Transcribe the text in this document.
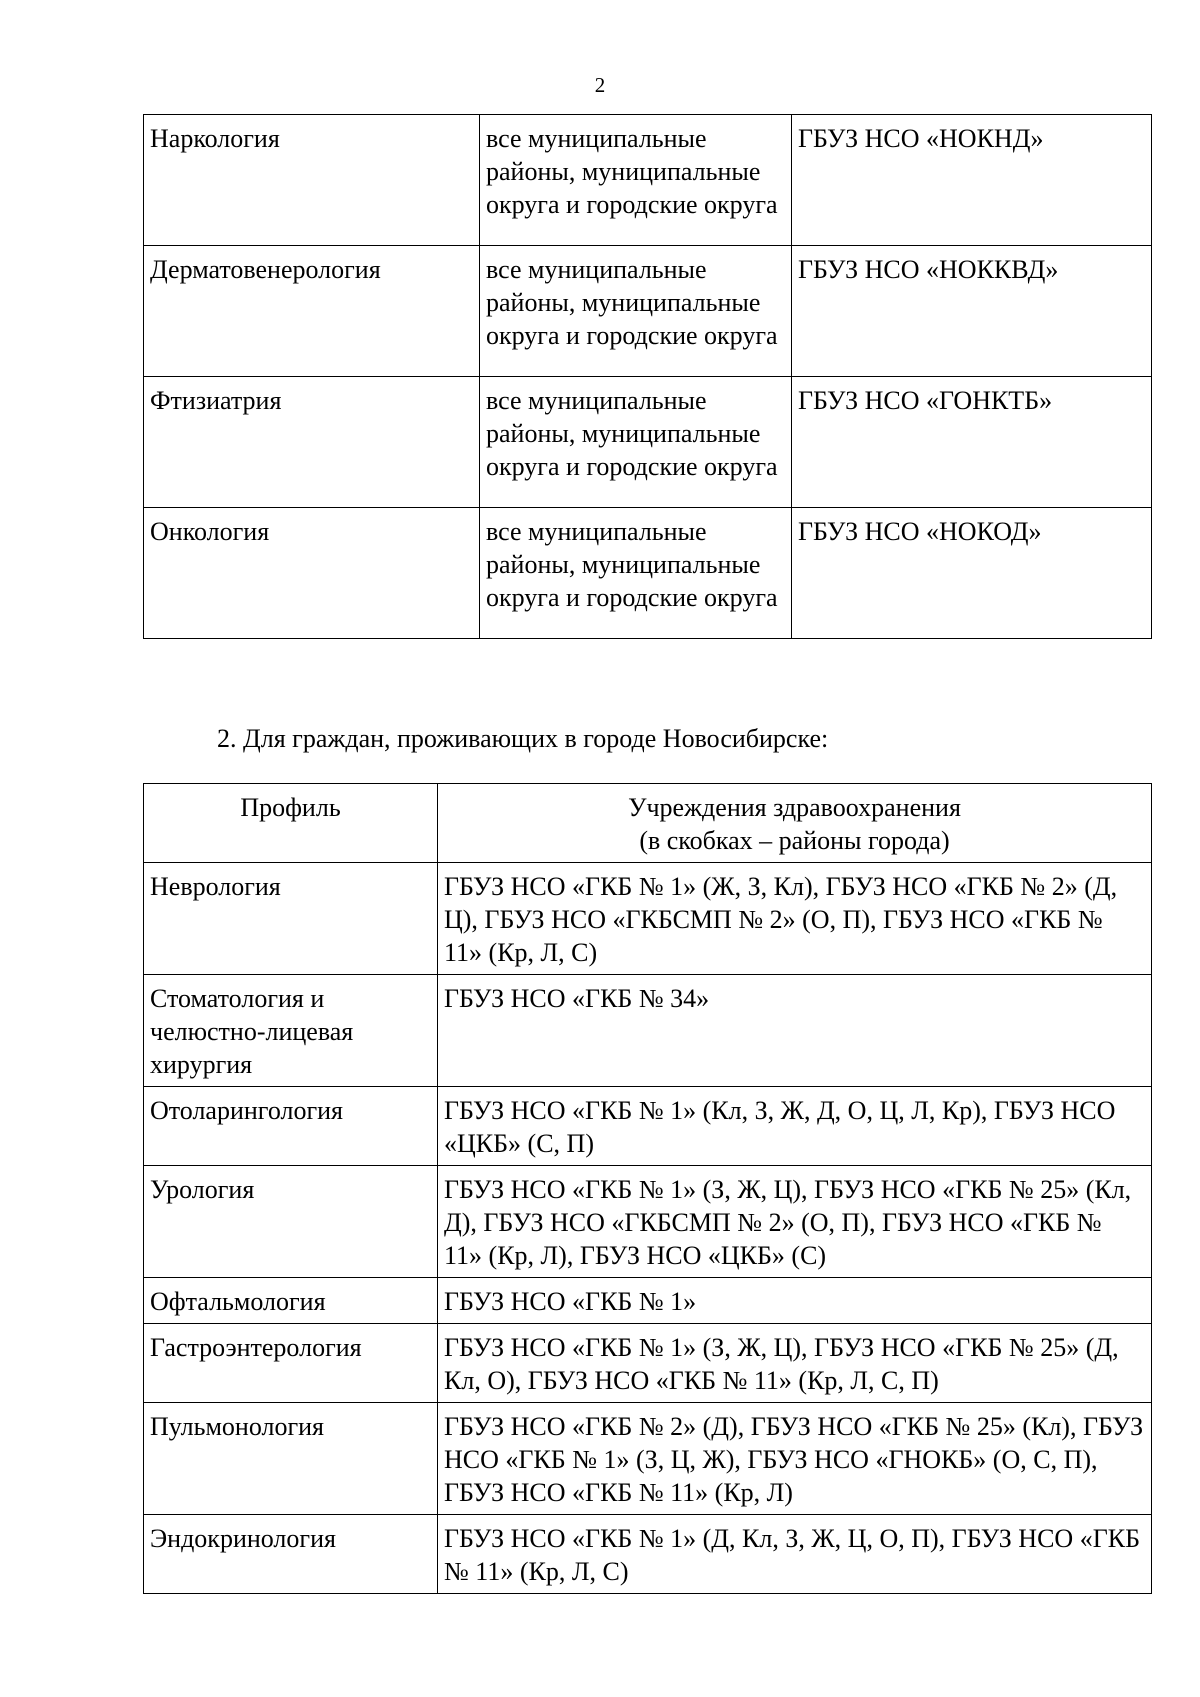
2
Наркология	все муниципальные районы, муниципальные округа и городские округа	ГБУЗ НСО «НОКНД»
Дерматовенерология	все муниципальные районы, муниципальные округа и городские округа	ГБУЗ НСО «НОККВД»
Фтизиатрия	все муниципальные районы, муниципальные округа и городские округа	ГБУЗ НСО «ГОНКТБ»
Онкология	все муниципальные районы, муниципальные округа и городские округа	ГБУЗ НСО «НОКОД»
2. Для граждан, проживающих в городе Новосибирске:
Профиль	Учреждения здравоохранения
(в скобках – районы города)
Неврология	ГБУЗ НСО «ГКБ № 1» (Ж, З, Кл), ГБУЗ НСО «ГКБ № 2» (Д, Ц), ГБУЗ НСО «ГКБСМП № 2» (О, П), ГБУЗ НСО «ГКБ № 11» (Кр, Л, С)
Стоматология и челюстно-лицевая хирургия	ГБУЗ НСО «ГКБ № 34»
Отоларингология	ГБУЗ НСО «ГКБ № 1» (Кл, З, Ж, Д, О, Ц, Л, Кр), ГБУЗ НСО «ЦКБ» (С, П)
Урология	ГБУЗ НСО «ГКБ № 1» (З, Ж, Ц), ГБУЗ НСО «ГКБ № 25» (Кл, Д), ГБУЗ НСО «ГКБСМП № 2» (О, П), ГБУЗ НСО «ГКБ № 11» (Кр, Л), ГБУЗ НСО «ЦКБ» (С)
Офтальмология	ГБУЗ НСО «ГКБ № 1»
Гастроэнтерология	ГБУЗ НСО «ГКБ № 1» (З, Ж, Ц), ГБУЗ НСО «ГКБ № 25» (Д, Кл, О), ГБУЗ НСО «ГКБ № 11» (Кр, Л, С, П)
Пульмонология	ГБУЗ НСО «ГКБ № 2» (Д), ГБУЗ НСО «ГКБ № 25» (Кл), ГБУЗ НСО «ГКБ № 1» (З, Ц, Ж), ГБУЗ НСО «ГНОКБ» (О, С, П), ГБУЗ НСО «ГКБ № 11» (Кр, Л)
Эндокринология	ГБУЗ НСО «ГКБ № 1» (Д, Кл, З, Ж, Ц, О, П), ГБУЗ НСО «ГКБ № 11» (Кр, Л, С)
